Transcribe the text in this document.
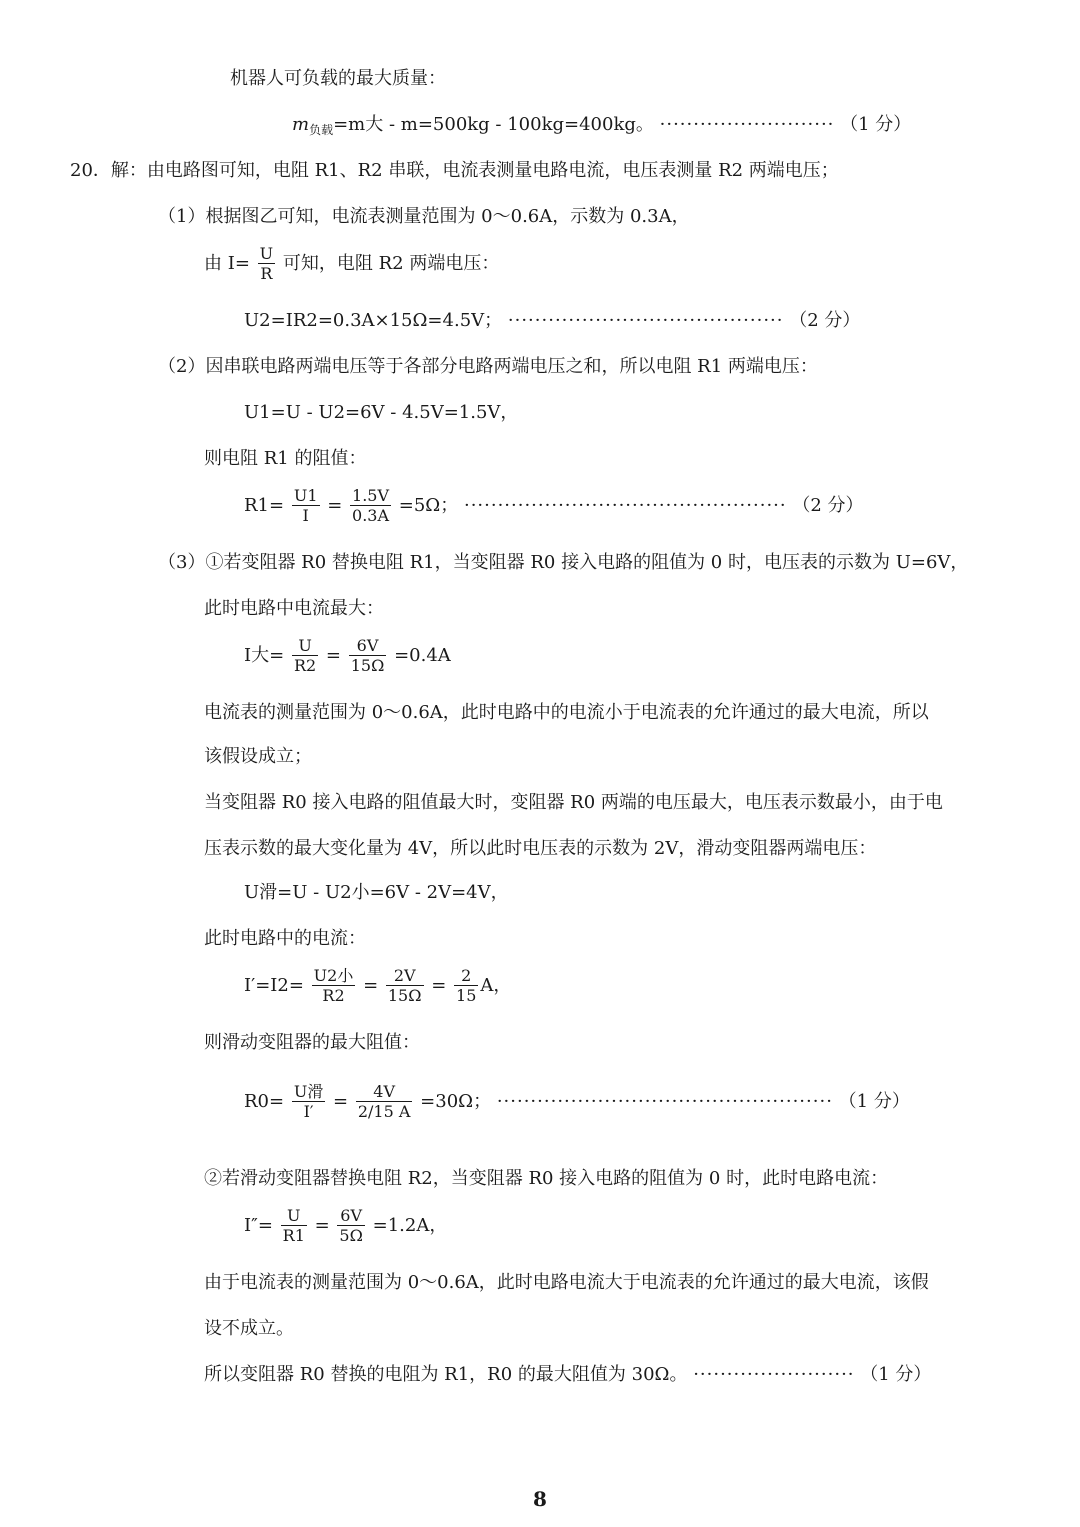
机器人可负载的最大质量：
$m_{负载}=m$大 - m=500kg - 100kg=400kg。 ·························· （1 分）
20．解：由电路图可知，电阻 R1、R2 串联，电流表测量电路电流，电压表测量 R2 两端电压；
（1）根据图乙可知，电流表测量范围为 0～0.6A，示数为 0.3A，
由 $I= \frac{U}{R}$ 可知，电阻 R2 两端电压：
U2=IR2=0.3A×15Ω=4.5V； ········································· （2 分）
（2）因串联电路两端电压等于各部分电路两端电压之和，所以电阻 R1 两端电压：
U1=U - U2=6V - 4.5V=1.5V，
则电阻 R1 的阻值：
$R1= \frac{U1}{I} = \frac{1.5V}{0.3A} =5\Omega$； ················································ （2 分）
（3）①若变阻器 R0 替换电阻 R1，当变阻器 R0 接入电路的阻值为 0 时，电压表的示数为 U=6V，
此时电路中电流最大：
I大= $\frac{U}{R2} = \frac{6V}{15\Omega} =0.4A$
电流表的测量范围为 0～0.6A，此时电路中的电流小于电流表的允许通过的最大电流，所以
该假设成立；
当变阻器 R0 接入电路的阻值最大时，变阻器 R0 两端的电压最大，电压表示数最小，由于电
压表示数的最大变化量为 4V，所以此时电压表的示数为 2V，滑动变阻器两端电压：
U滑=U - U2小=6V - 2V=4V，
此时电路中的电流：
$I'=I2= \frac{\text{U2小}}{R2} = \frac{2V}{15\Omega} = \frac{2}{15}$ A，
则滑动变阻器的最大阻值：
$R0= \frac{\text{U滑}}{I'} = \frac{4V}{2/15 A} =30\Omega$； ·················································· （1 分）
②若滑动变阻器替换电阻 R2，当变阻器 R0 接入电路的阻值为 0 时，此时电路电流：
$I''= \frac{U}{R1} = \frac{6V}{5\Omega} =1.2A$，
由于电流表的测量范围为 0～0.6A，此时电路电流大于电流表的允许通过的最大电流，该假
设不成立。
所以变阻器 R0 替换的电阻为 R1，R0 的最大阻值为 30Ω。 ························ （1 分）
8
